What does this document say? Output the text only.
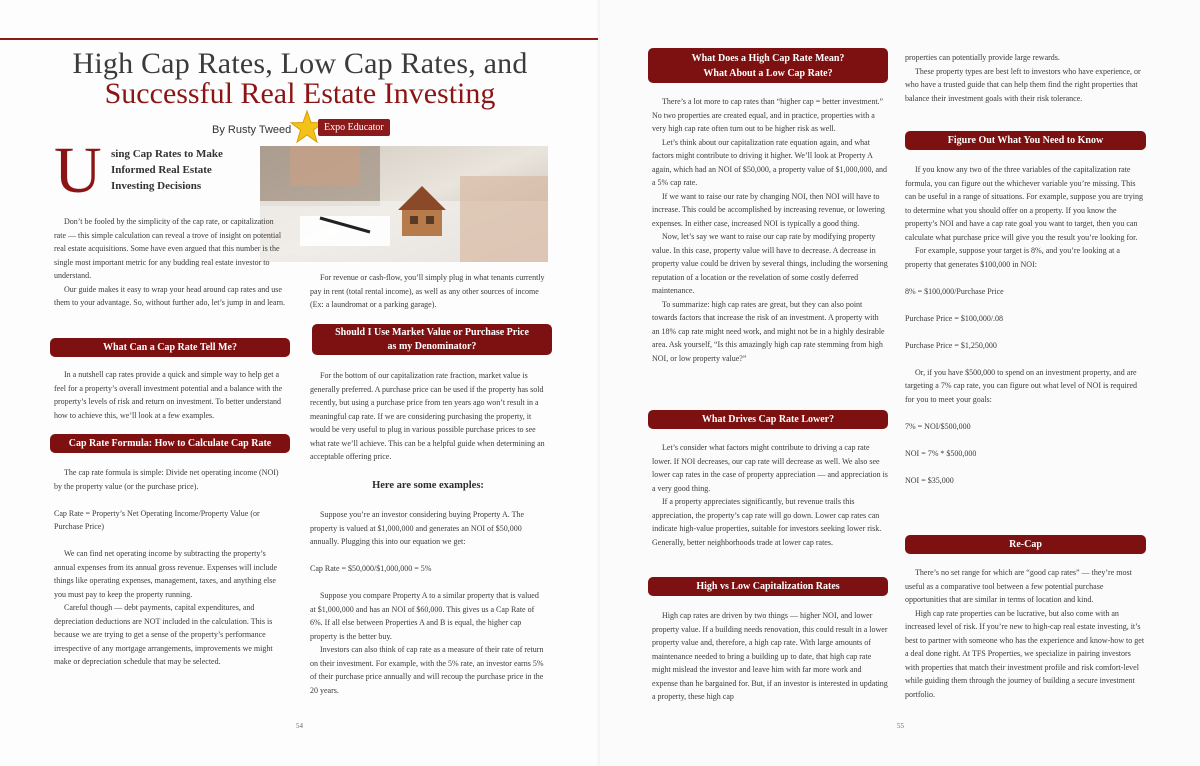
High Cap Rates, Low Cap Rates, and
Successful Real Estate Investing
By Rusty Tweed	Expo Educator
U sing Cap Rates to Make Informed Real Estate Investing Decisions
Image from Canva Pro

Don’t be fooled by the simplicity of the cap rate, or capitalization rate — this simple calculation can reveal a trove of insight on potential real estate acquisitions. Some have even argued that this number is the single most important metric for any budding real estate investor to understand.

Our guide makes it easy to wrap your head around cap rates and use them to your advantage. So, without further ado, let’s jump in and learn.

What Can a Cap Rate Tell Me?

In a nutshell cap rates provide a quick and simple way to help get a feel for a property’s overall investment potential and a balance with the property’s levels of risk and return on investment. To better understand how to achieve this, we’ll look at a few examples.

Cap Rate Formula: How to Calculate Cap Rate

The cap rate formula is simple: Divide net operating income (NOI) by the property value (or the purchase price).

Cap Rate = Property’s Net Operating Income/Property Value (or Purchase Price)

We can find net operating income by subtracting the property’s annual expenses from its annual gross revenue. Expenses will include things like operating expenses, management, taxes, and anything else you must pay to keep the property running.

Careful though — debt payments, capital expenditures, and depreciation deductions are NOT included in the calculation. This is because we are trying to get a sense of the property’s performance irrespective of any mortgage arrangements, improvements we might make or depreciation schedule that may be selected.

For revenue or cash-flow, you’ll simply plug in what tenants currently pay in rent (total rental income), as well as any other sources of income (Ex: a laundromat or a parking garage).

Should I Use Market Value or Purchase Price
as my Denominator?

For the bottom of our capitalization rate fraction, market value is generally preferred. A purchase price can be used if the property has sold recently, but using a purchase price from ten years ago won’t result in a meaningful cap rate. If we are considering purchasing the property, it would be very useful to plug in various possible purchase prices to see what rate we’ll achieve. This can be a helpful guide when determining an acceptable offering price.

Here are some examples:

Suppose you’re an investor considering buying Property A. The property is valued at $1,000,000 and generates an NOI of $50,000 annually. Plugging this into our equation we get:

Cap Rate = $50,000/$1,000,000 = 5%

Suppose you compare Property A to a similar property that is valued at $1,000,000 and has an NOI of $60,000. This gives us a Cap Rate of 6%. If all else between Properties A and B is equal, the higher cap property is the better buy.

Investors can also think of cap rate as a measure of their rate of return on their investment. For example, with the 5% rate, an investor earns 5% of their purchase price annually and will recoup the purchase price in the 20 years.

54
What Does a High Cap Rate Mean?
What About a Low Cap Rate?

There’s a lot more to cap rates than “higher cap = better investment.” No two properties are created equal, and in practice, properties with a very high cap rate often turn out to be higher risk as well.

Let’s think about our capitalization rate equation again, and what factors might contribute to driving it higher. We’ll look at Property A again, which had an NOI of $50,000, a property value of $1,000,000, and a 5% cap rate.

If we want to raise our rate by changing NOI, then NOI will have to increase. This could be accomplished by increasing revenue, or lowering expenses. In either case, increased NOI is typically a good thing.

Now, let’s say we want to raise our cap rate by modifying property value. In this case, property value will have to decrease. A decrease in property value could be driven by several things, including the worsening reputation of a location or the revelation of some costly deferred maintenance.

To summarize: high cap rates are great, but they can also point towards factors that increase the risk of an investment. A property with an 18% cap rate might need work, and might not be in a highly desirable area. Ask yourself, “Is this amazingly high cap rate stemming from high NOI, or low property value?”

What Drives Cap Rate Lower?

Let’s consider what factors might contribute to driving a cap rate lower. If NOI decreases, our cap rate will decrease as well. We also see lower cap rates in the case of property appreciation — and appreciation is a very good thing.

If a property appreciates significantly, but revenue trails this appreciation, the property’s cap rate will go down. Lower cap rates can indicate high-value properties, suitable for investors seeking lower risk. Generally, better neighborhoods trade at lower cap rates.

High vs Low Capitalization Rates

High cap rates are driven by two things — higher NOI, and lower property value. If a building needs renovation, this could result in a lower property value and, therefore, a high cap rate. With large amounts of maintenance needed to bring a building up to date, that high cap rate might mislead the investor and leave him with far more work and expense than he bargained for. But, if an investor is interested in updating a property, these high cap

properties can potentially provide large rewards.

These property types are best left to investors who have experience, or who have a trusted guide that can help them find the right properties that balance their investment goals with their risk tolerance.

Figure Out What You Need to Know

If you know any two of the three variables of the capitalization rate formula, you can figure out the whichever variable you’re missing. This can be useful in a range of situations. For example, suppose you are trying to determine what you should offer on a property. If you know the property’s NOI and have a cap rate goal you want to target, then you can calculate what purchase price will give you the result you’re looking for.

For example, suppose your target is 8%, and you’re looking at a property that generates $100,000 in NOI:

8% = $100,000/Purchase Price

Purchase Price = $100,000/.08

Purchase Price = $1,250,000

Or, if you have $500,000 to spend on an investment property, and are targeting a 7% cap rate, you can figure out what level of NOI is required for you to meet your goals:

7% = NOI/$500,000

NOI = 7% * $500,000

NOI = $35,000

Re-Cap

There’s no set range for which are “good cap rates” — they’re most useful as a comparative tool between a few potential purchase opportunities that are similar in terms of location and kind.

High cap rate properties can be lucrative, but also come with an increased level of risk. If you’re new to high-cap real estate investing, it’s best to partner with someone who has the experience and know-how to get a deal done right. At TFS Properties, we specialize in pairing investors with properties that match their investment profile and risk comfort-level while guiding them through the journey of building a secure investment portfolio.

55
